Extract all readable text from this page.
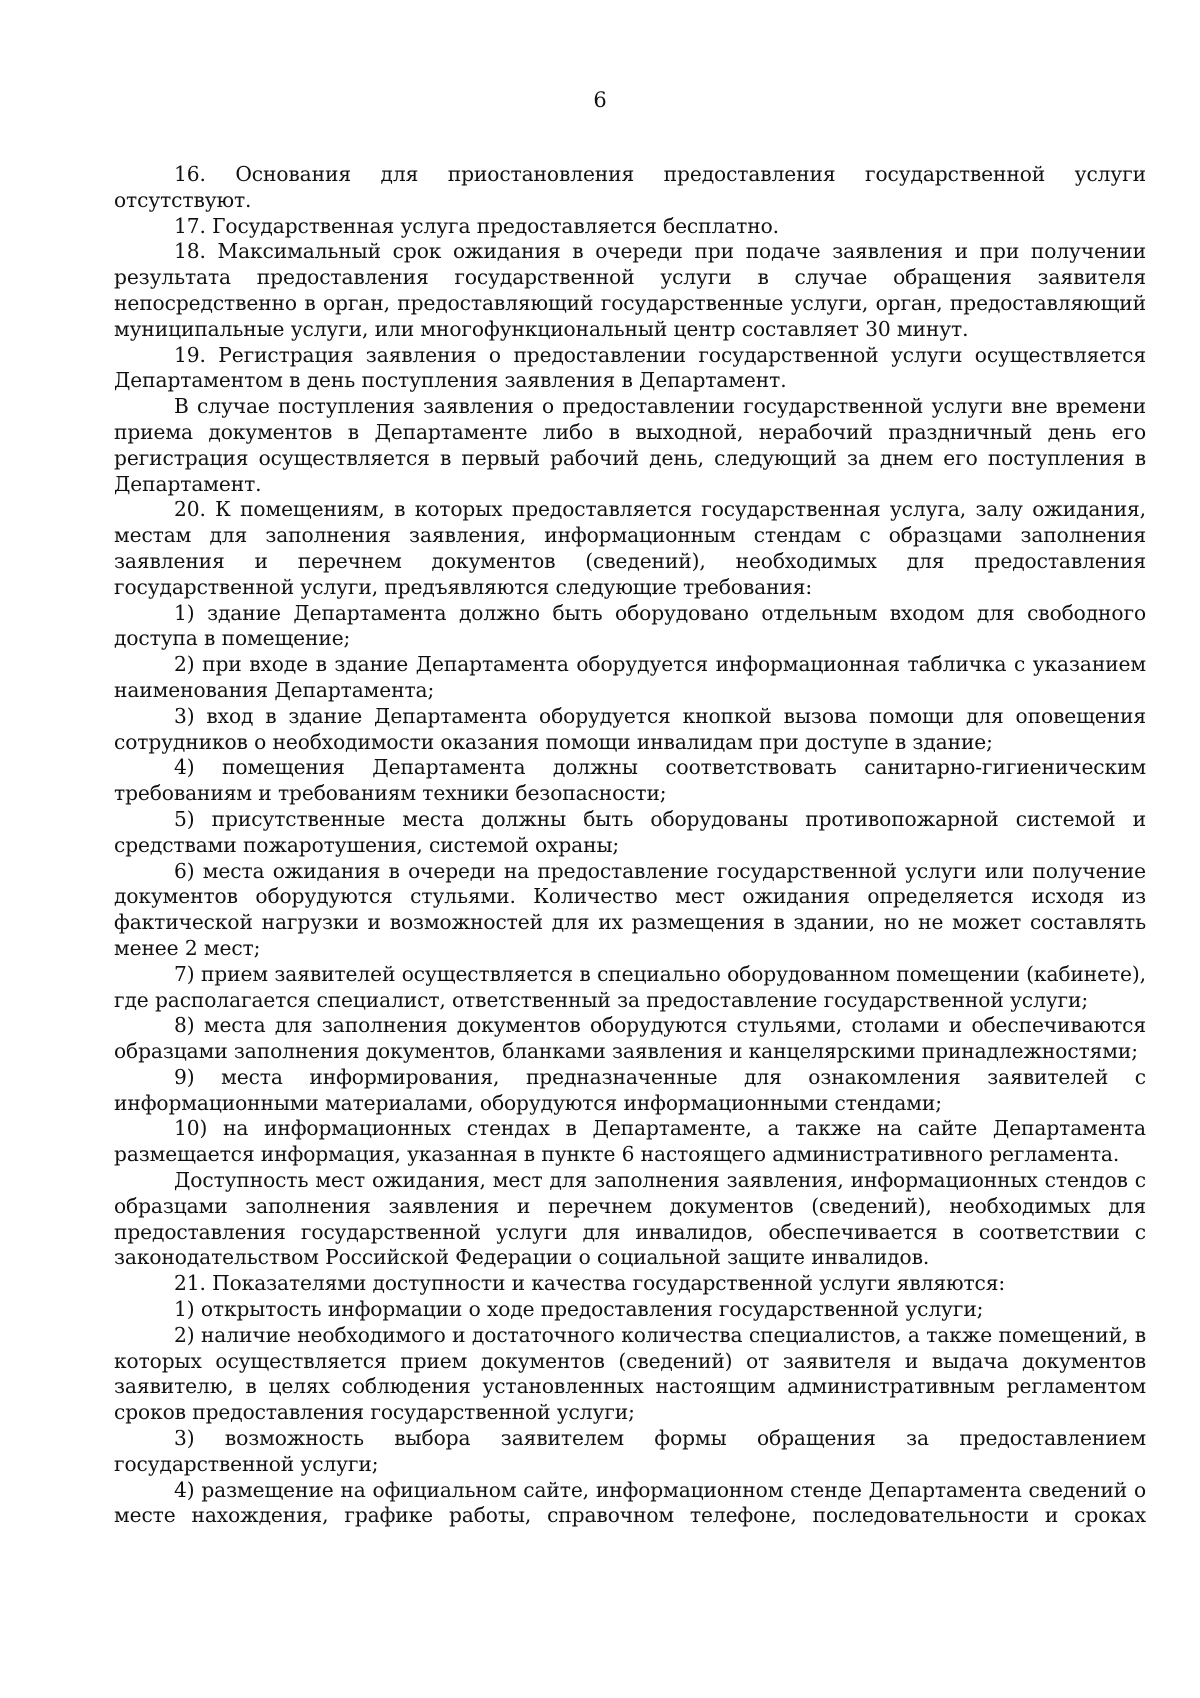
6

16. Основания для приостановления предоставления государственной услуги отсутствуют.

17. Государственная услуга предоставляется бесплатно.

18. Максимальный срок ожидания в очереди при подаче заявления и при получении результата предоставления государственной услуги в случае обращения заявителя непосредственно в орган, предоставляющий государственные услуги, орган, предоставляющий муниципальные услуги, или многофункциональный центр составляет 30 минут.

19. Регистрация заявления о предоставлении государственной услуги осуществляется Департаментом в день поступления заявления в Департамент.

В случае поступления заявления о предоставлении государственной услуги вне времени приема документов в Департаменте либо в выходной, нерабочий праздничный день его регистрация осуществляется в первый рабочий день, следующий за днем его поступления в Департамент.

20. К помещениям, в которых предоставляется государственная услуга, залу ожидания, местам для заполнения заявления, информационным стендам с образцами заполнения заявления и перечнем документов (сведений), необходимых для предоставления государственной услуги, предъявляются следующие требования:

1) здание Департамента должно быть оборудовано отдельным входом для свободного доступа в помещение;

2) при входе в здание Департамента оборудуется информационная табличка с указанием наименования Департамента;

3) вход в здание Департамента оборудуется кнопкой вызова помощи для оповещения сотрудников о необходимости оказания помощи инвалидам при доступе в здание;

4) помещения Департамента должны соответствовать санитарно-гигиеническим требованиям и требованиям техники безопасности;

5) присутственные места должны быть оборудованы противопожарной системой и средствами пожаротушения, системой охраны;

6) места ожидания в очереди на предоставление государственной услуги или получение документов оборудуются стульями. Количество мест ожидания определяется исходя из фактической нагрузки и возможностей для их размещения в здании, но не может составлять менее 2 мест;

7) прием заявителей осуществляется в специально оборудованном помещении (кабинете), где располагается специалист, ответственный за предоставление государственной услуги;

8) места для заполнения документов оборудуются стульями, столами и обеспечиваются образцами заполнения документов, бланками заявления и канцелярскими принадлежностями;

9) места информирования, предназначенные для ознакомления заявителей с информационными материалами, оборудуются информационными стендами;

10) на информационных стендах в Департаменте, а также на сайте Департамента размещается информация, указанная в пункте 6 настоящего административного регламента.

Доступность мест ожидания, мест для заполнения заявления, информационных стендов с образцами заполнения заявления и перечнем документов (сведений), необходимых для предоставления государственной услуги для инвалидов, обеспечивается в соответствии с законодательством Российской Федерации о социальной защите инвалидов.

21. Показателями доступности и качества государственной услуги являются:

1) открытость информации о ходе предоставления государственной услуги;

2) наличие необходимого и достаточного количества специалистов, а также помещений, в которых осуществляется прием документов (сведений) от заявителя и выдача документов заявителю, в целях соблюдения установленных настоящим административным регламентом сроков предоставления государственной услуги;

3) возможность выбора заявителем формы обращения за предоставлением государственной услуги;

4) размещение на официальном сайте, информационном стенде Департамента сведений о месте нахождения, графике работы, справочном телефоне, последовательности и сроках
